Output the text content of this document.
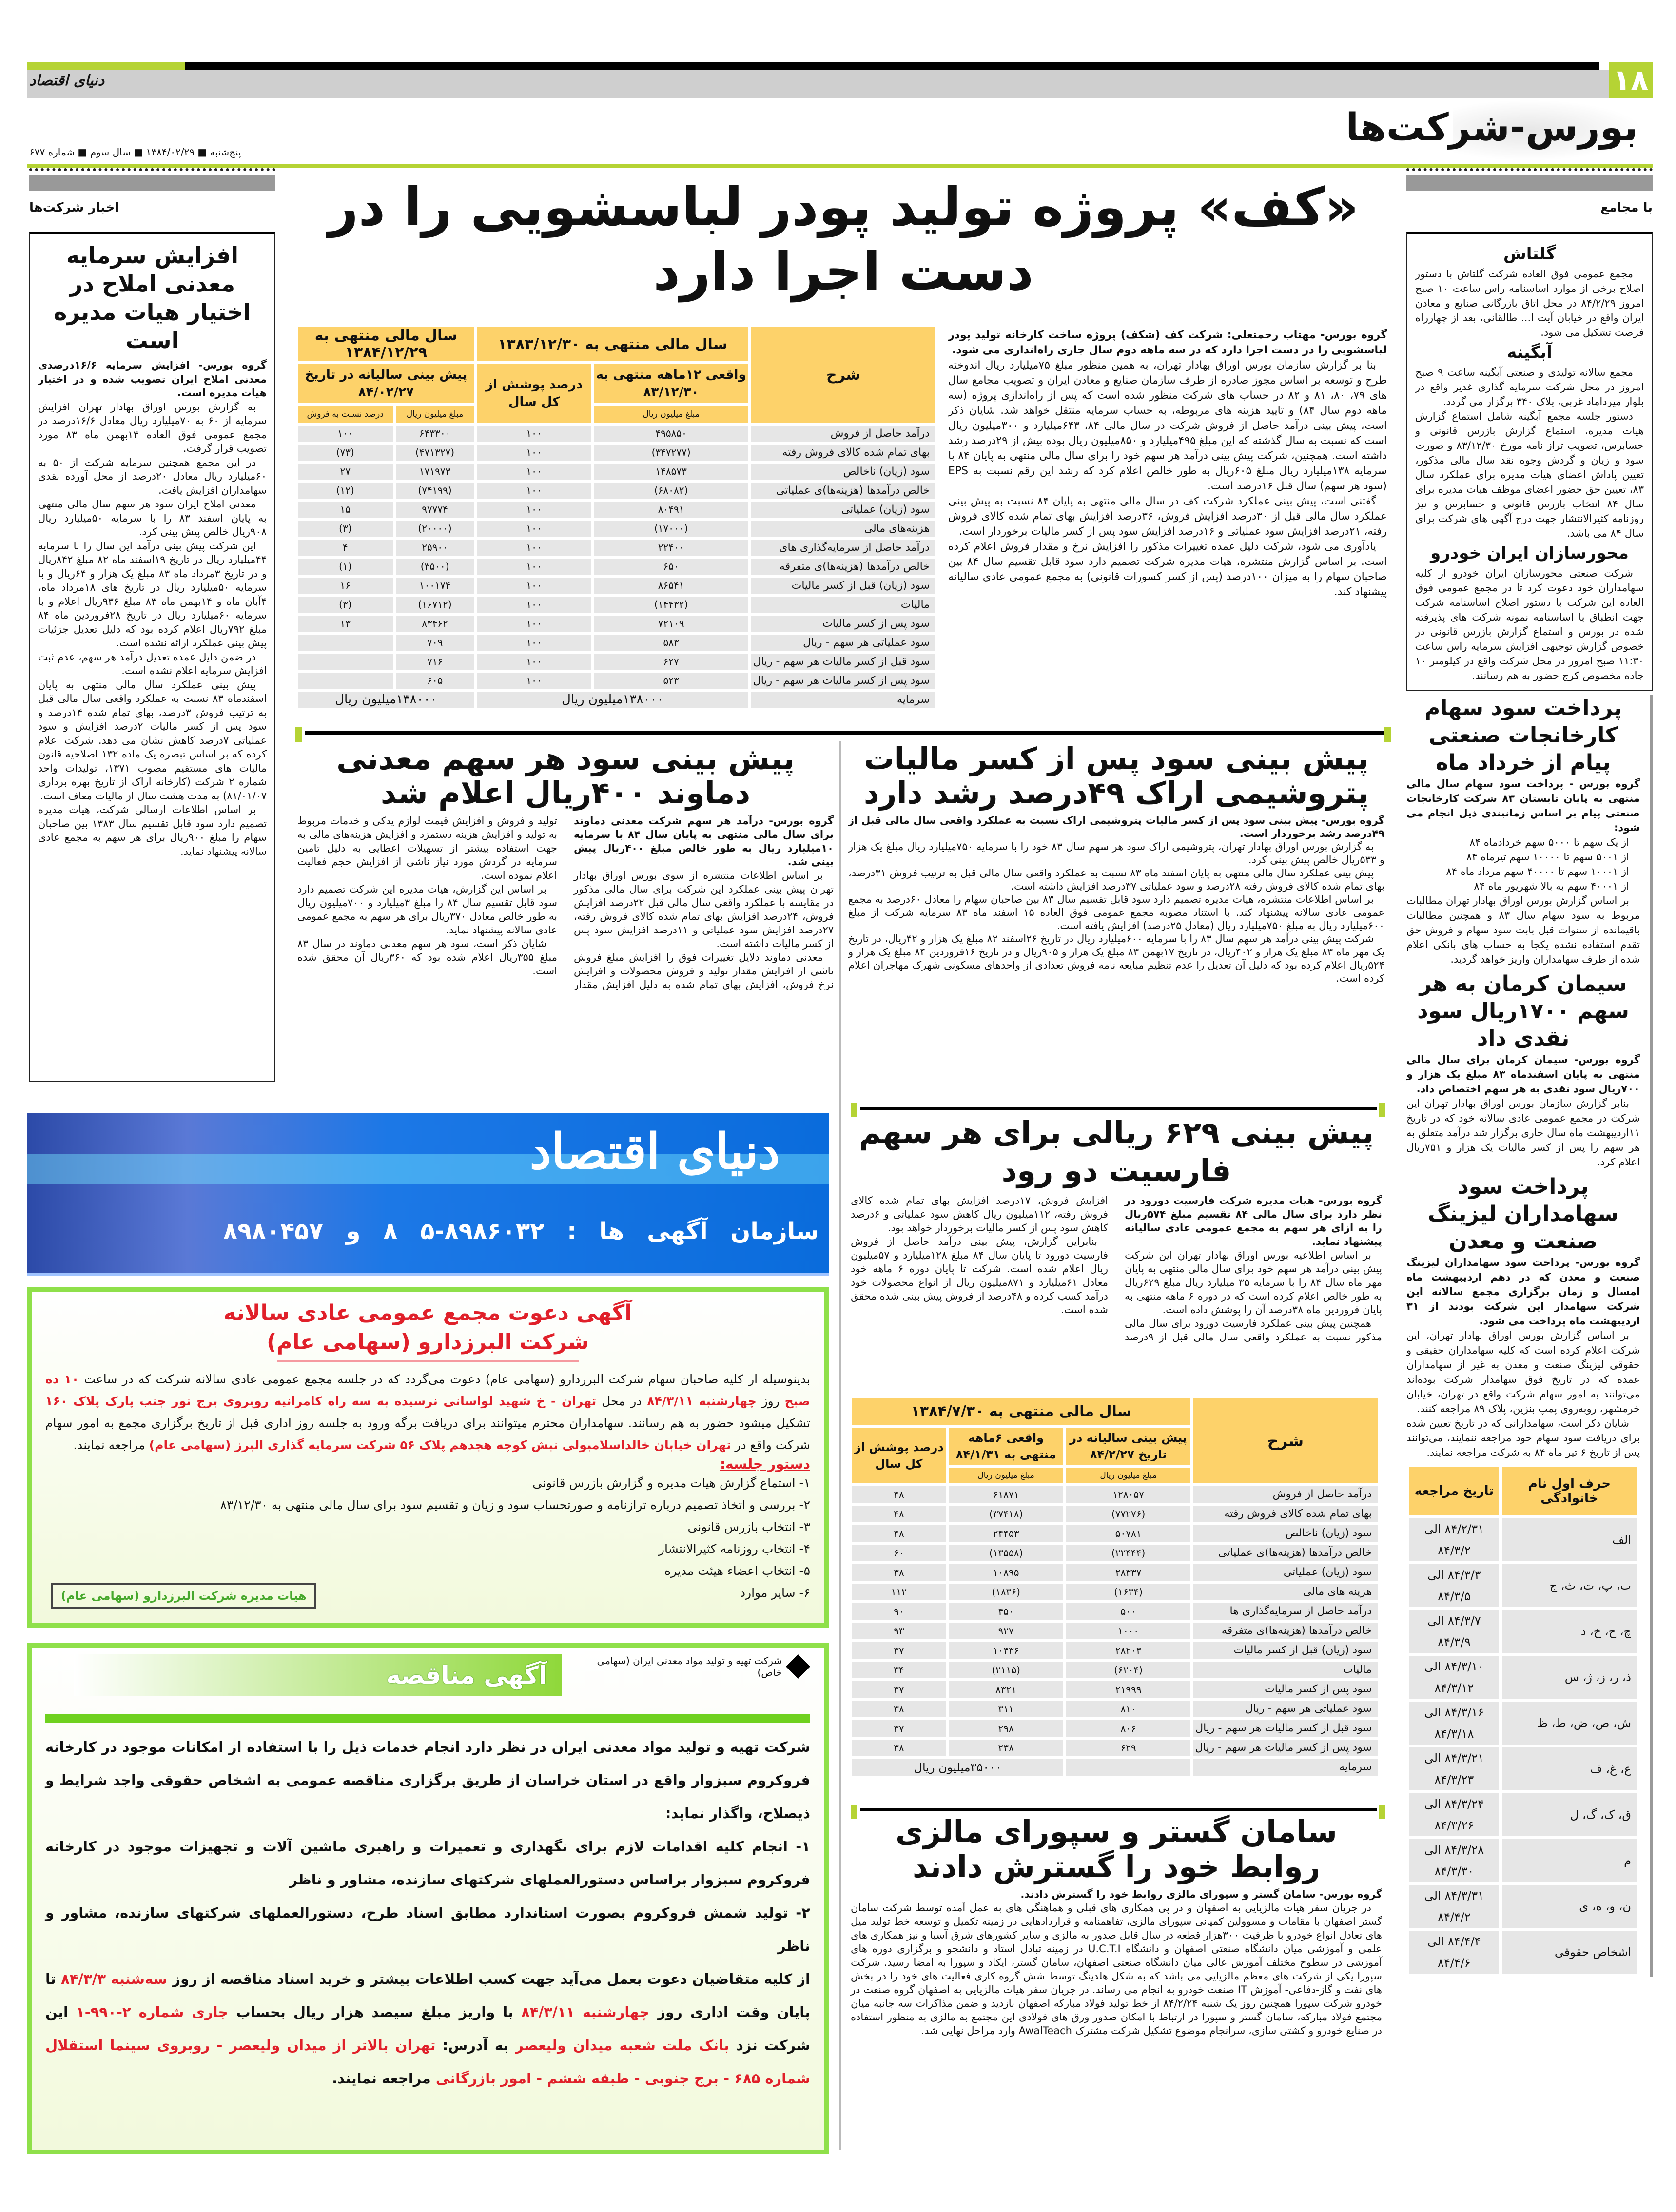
۱۸
دنیای اقتصاد
بورس-شرکت‌ها
پنج‌شنبه ■ ۱۳۸۴/۰۲/۲۹ ■ سال سوم ■ شماره ۶۷۷
اخبار شرکت‌ها
افزایش سرمایه معدنی املاح در اختیار هیات مدیره است

گروه بورس- افزایش سرمایه ۱۶/۶درصدی معدنی املاح ایران تصویب شده و در اختیار هیات مدیره است.

به گزارش بورس اوراق بهادار تهران افزایش سرمایه از ۶۰ به ۷۰میلیارد ریال معادل ۱۶/۶درصد در مجمع عمومی فوق العاده ۱۴بهمن ماه ۸۳ مورد تصویب قرار گرفت.

در این مجمع همچنین سرمایه شرکت از ۵۰ به ۶۰میلیارد ریال معادل ۲۰درصد از محل آورده نقدی سهامداران افزایش یافت.

معدنی املاح ایران سود هر سهم سال مالی منتهی به پایان اسفند ۸۳ را با سرمایه ۵۰میلیارد ریال ۹۰۸ریال خالص پیش بینی کرد.

این شرکت پیش بینی درآمد این سال را با سرمایه ۴۴میلیارد ریال در تاریخ ۱۹اسفند ماه ۸۲ مبلغ ۸۴۲ریال و در تاریخ ۳مرداد ماه ۸۳ مبلغ یک هزار و ۶۴ریال و با سرمایه ۵۰میلیارد ریال در تاریخ های ۱۸مرداد ماه، ۴آبان ماه و ۱۴بهمن ماه ۸۳ مبلغ ۹۳۶ریال اعلام و با سرمایه ۶۰میلیارد ریال در تاریخ ۲۸فروردین ماه ۸۴ مبلغ ۷۹۲ریال اعلام کرده بود که دلیل تعدیل جزئیات پیش بینی عملکرد ارائه نشده است.

در ضمن دلیل عمده تعدیل درآمد هر سهم، عدم ثبت افزایش سرمایه اعلام نشده است.

پیش بینی عملکرد سال مالی منتهی به پایان اسفندماه ۸۳ نسبت به عملکرد واقعی سال مالی قبل به ترتیب فروش ۳درصد، بهای تمام شده ۱۴درصد و سود پس از کسر مالیات ۲درصد افزایش و سود عملیاتی ۷درصد کاهش نشان می دهد. شرکت اعلام کرده که بر اساس تبصره یک ماده ۱۳۲ اصلاحیه قانون مالیات های مستقیم مصوب ۱۳۷۱، تولیدات واحد شماره ۲ شرکت (کارخانه اراک از تاریخ بهره برداری ۸۱/۰۱/۰۷) به مدت هشت سال از مالیات معاف است.

بر اساس اطلاعات ارسالی شرکت، هیات مدیره تصمیم دارد سود قابل تقسیم سال ۱۳۸۳ بین صاحبان سهام را مبلغ ۹۰۰ریال برای هر سهم به مجمع عادی سالانه پیشنهاد نماید.

با مجامع
گلتاش

مجمع عمومی فوق العاده شرکت گلتاش با دستور اصلاح برخی از موارد اساسنامه راس ساعت ۱۰ صبح امروز ۸۴/۲/۲۹ در محل اتاق بازرگانی صنایع و معادن ایران واقع در خیابان آیت ا... طالقانی، بعد از چهارراه فرصت تشکیل می شود.

آبگینه

مجمع سالانه تولیدی و صنعتی آبگینه ساعت ۹ صبح امروز در محل شرکت سرمایه گذاری غدیر واقع در بلوار میرداماد غربی، پلاک ۳۴۰ برگزار می گردد.

دستور جلسه مجمع آبگینه شامل استماع گزارش هیات مدیره، استماع گزارش بازرس قانونی و حسابرس، تصویب تراز نامه مورخ ۸۳/۱۲/۳۰ و صورت سود و زیان و گردش وجوه نقد سال مالی مذکور، تعیین پاداش اعضای هیات مدیره برای عملکرد سال ۸۳، تعیین حق حضور اعضای موظف هیات مدیره برای سال ۸۴ انتخاب بازرس قانونی و حسابرس و نیز روزنامه کثیرالانتشار جهت درج آگهی های شرکت برای سال ۸۴ می باشد.

محورسازان ایران خودرو

شرکت صنعتی محورسازان ایران خودرو از کلیه سهامداران خود دعوت کرد تا در مجمع عمومی فوق العاده این شرکت با دستور اصلاح اساسنامه شرکت جهت انطباق با اساسنامه نمونه شرکت های پذیرفته شده در بورس و استماع گزارش بازرس قانونی در خصوص گزارش توجیهی افزایش سرمایه راس ساعت ۱۱:۳۰ صبح امروز در محل شرکت واقع در کیلومتر ۱۰ جاده مخصوص کرج حضور به هم رسانند.

پرداخت سود سهام کارخانجات صنعتی پیام از خرداد ماه

گروه بورس - پرداخت سود سهام سال مالی منتهی به پایان تابستان ۸۳ شرکت کارخانجات صنعتی پیام بر اساس زمانبندی ذیل انجام می شود:

از یک سهم تا ۵۰۰۰ سهم خردادماه ۸۴

از ۵۰۰۱ سهم تا ۱۰۰۰۰ سهم تیرماه ۸۴

از ۱۰۰۰۱ سهم تا ۴۰۰۰۰ سهم مرداد ماه ۸۴

از ۴۰۰۰۱ سهم به بالا شهریور ماه ۸۴

بر اساس گزارش بورس اوراق بهادار تهران مطالبات مربوط به سود سهام سال ۸۳ و همچنین مطالبات باقیمانده از سنوات قبل بابت سود سهام و فروش حق تقدم استفاده نشده یکجا به حساب های بانکی اعلام شده از طرف سهامداران واریز خواهد گردید.

سیمان کرمان به هر سهم ۱۷۰۰ریال سود نقدی داد

گروه بورس- سیمان کرمان برای سال مالی منتهی به پایان اسفندماه ۸۳ مبلغ یک هزار و ۷۰۰ریال سود نقدی به هر سهم اختصاص داد.

بنابر گزارش سازمان بورس اوراق بهادار تهران این شرکت در مجمع عمومی عادی سالانه خود که در تاریخ ۱۱اردیبهشت ماه سال جاری برگزار شد درآمد متعلق به هر سهم را پس از کسر مالیات یک هزار و ۷۵۱ریال اعلام کرد.

پرداخت سود سهامداران لیزینگ صنعت و معدن

گروه بورس- پرداخت سود سهامداران لیزینگ صنعت و معدن که در دهم اردیبهشت ماه امسال و زمان برگزاری مجمع سالانه این شرکت سهامدار این شرکت بودند از ۳۱ اردیبهشت ماه پرداخت می شود.

بر اساس گزارش بورس اوراق بهادار تهران، این شرکت اعلام کرده است که کلیه سهامداران حقیقی و حقوقی لیزینگ صنعت و معدن به غیر از سهامداران عمده که در تاریخ فوق سهامدار شرکت بوده‌اند می‌توانند به امور سهام شرکت واقع در تهران، خیابان خرمشهر، روبه‌روی پمپ بنزین، پلاک ۸۹ مراجعه کنند.

شایان ذکر است، سهامدارانی که در تاریخ تعیین شده برای دریافت سود سهام خود مراجعه ننمایند، می‌توانند پس از تاریخ ۶ تیر ماه ۸۴ به شرکت مراجعه نمایند.

حرف اول نام خانوادگی	تاریخ مراجعه
الف	۸۴/۲/۳۱ الی ۸۴/۳/۲
ب، پ، ت، ث، ج	۸۴/۳/۳ الی ۸۴/۳/۵
چ، ح، خ، د	۸۴/۳/۷ الی ۸۴/۳/۹
ذ، ر، ز، ژ، س	۸۴/۳/۱۰ الی ۸۴/۳/۱۲
ش، ص، ض، ط، ظ	۸۴/۳/۱۶ الی ۸۴/۳/۱۸
ع، غ، ف	۸۴/۳/۲۱ الی ۸۴/۳/۲۳
ق، ک، گ، ل	۸۴/۳/۲۴ الی ۸۴/۳/۲۶
م	۸۴/۳/۲۸ الی ۸۴/۳/۳۰
ن، و، ه، ی	۸۴/۳/۳۱ الی ۸۴/۴/۲
اشخاص حقوقی	۸۴/۴/۴ الی ۸۴/۴/۶
«کف» پروژه تولید پودر لباسشویی را در دست اجرا دارد
شرح	سال مالی منتهی به ۱۳۸۳/۱۲/۳۰		سال مالی منتهی به ۱۳۸۴/۱۲/۲۹	
	واقعی ۱۲ماهه منتهی به ۸۳/۱۲/۳۰	درصد پوشش از کل سال	پیش بینی سالیانه در تاریخ ۸۴/۰۲/۲۷	
	مبلغ میلیون ریال		مبلغ میلیون ریال	درصد نسبت به فروش
درآمد حاصل از فروش	۴۹۵۸۵۰	۱۰۰	۶۴۳۳۰۰	۱۰۰
بهای تمام شده کالای فروش رفته	(۳۴۷۲۷۷)	۱۰۰	(۴۷۱۳۲۷)	(۷۳)
سود (زیان) ناخالص	۱۴۸۵۷۳	۱۰۰	۱۷۱۹۷۳	۲۷
خالص درآمدها (هزینه‌ها)ی عملیاتی	(۶۸۰۸۲)	۱۰۰	(۷۴۱۹۹)	(۱۲)
سود (زیان) عملیاتی	۸۰۴۹۱	۱۰۰	۹۷۷۷۴	۱۵
هزینه‌های مالی	(۱۷۰۰۰)	۱۰۰	(۲۰۰۰۰)	(۳)
درآمد حاصل از سرمایه‌گذاری های	۲۲۴۰۰	۱۰۰	۲۵۹۰۰	۴
خالص درآمدها (هزینه‌ها)ی متفرقه	۶۵۰	۱۰۰	(۳۵۰۰)	(۱)
سود (زیان) قبل از کسر مالیات	۸۶۵۴۱	۱۰۰	۱۰۰۱۷۴	۱۶
مالیات	(۱۴۴۳۲)	۱۰۰	(۱۶۷۱۲)	(۳)
سود پس از کسر مالیات	۷۲۱۰۹	۱۰۰	۸۳۴۶۲	۱۳
سود عملیاتی هر سهم - ریال	۵۸۳	۱۰۰	۷۰۹	
سود قبل از کسر مالیات هر سهم - ریال	۶۲۷	۱۰۰	۷۱۶	
سود پس از کسر مالیات هر سهم - ریال	۵۲۳	۱۰۰	۶۰۵	
سرمایه	۱۳۸۰۰۰میلیون ریال		۱۳۸۰۰۰میلیون ریال	

گروه بورس- مهتاب رحمتعلی: شرکت کف (شکف) پروژه ساخت کارخانه تولید پودر لباسشویی را در دست اجرا دارد که در سه ماهه دوم سال جاری راه‌اندازی می شود.

بنا بر گزارش سازمان بورس اوراق بهادار تهران، به همین منظور مبلغ ۷۵میلیارد ریال اندوخته طرح و توسعه بر اساس مجوز صادره از طرف سازمان صنایع و معادن ایران و تصویب مجامع سال های ۷۹، ۸۰، ۸۱ و ۸۲ در حساب های شرکت منظور شده است که پس از راه‌اندازی پروژه (سه ماهه دوم سال ۸۴) و تایید هزینه های مربوطه، به حساب سرمایه منتقل خواهد شد. شایان ذکر است، پیش بینی درآمد حاصل از فروش شرکت در سال مالی ۸۴، ۶۴۳میلیارد و ۳۰۰میلیون ریال است که نسبت به سال گذشته که این مبلغ ۴۹۵میلیارد و ۸۵۰میلیون ریال بوده بیش از ۲۹درصد رشد داشته است. همچنین، شرکت پیش بینی درآمد هر سهم خود را برای سال مالی منتهی به پایان ۸۴ با سرمایه ۱۳۸میلیارد ریال مبلغ ۶۰۵ریال به طور خالص اعلام کرد که رشد این رقم نسبت به EPS (سود هر سهم) سال قبل ۱۶درصد است.

گفتنی است، پیش بینی عملکرد شرکت کف در سال مالی منتهی به پایان ۸۴ نسبت به پیش بینی عملکرد سال مالی قبل از ۳۰درصد افزایش فروش، ۳۶درصد افزایش بهای تمام شده کالای فروش رفته، ۲۱درصد افزایش سود عملیاتی و ۱۶درصد افزایش سود پس از کسر مالیات برخوردار است.

یادآوری می شود، شرکت دلیل عمده تغییرات مذکور را افزایش نرخ و مقدار فروش اعلام کرده است. بر اساس گزارش منتشره، هیات مدیره شرکت تصمیم دارد سود قابل تقسیم سال ۸۴ بین صاحبان سهام را به میزان ۱۰۰درصد (پس از کسر کسورات قانونی) به مجمع عمومی عادی سالیانه پیشنهاد کند.

پیش بینی سود پس از کسر مالیات پتروشیمی اراک ۴۹درصد رشد دارد

گروه بورس- پیش بینی سود پس از کسر مالیات پتروشیمی اراک نسبت به عملکرد واقعی سال مالی قبل از ۴۹درصد رشد برخوردار است.

به گزارش بورس اوراق بهادار تهران، پتروشیمی اراک سود هر سهم سال ۸۳ خود را با سرمایه ۷۵۰میلیارد ریال مبلغ یک هزار و ۵۳۳ریال خالص پیش بینی کرد.

پیش بینی عملکرد سال مالی منتهی به پایان اسفند ماه ۸۳ نسبت به عملکرد واقعی سال مالی قبل به ترتیب فروش ۳۱درصد، بهای تمام شده کالای فروش رفته ۲۸درصد و سود عملیاتی ۳۷درصد افزایش داشته است.

بر اساس اطلاعات منتشره، هیات مدیره تصمیم دارد سود قابل تقسیم سال ۸۳ بین صاحبان سهام را معادل ۶۰درصد به مجمع عمومی عادی سالانه پیشنهاد کند. با استناد مصوبه مجمع عمومی فوق العاده ۱۵ اسفند ماه ۸۳ سرمایه شرکت از مبلغ ۶۰۰میلیارد ریال به مبلغ ۷۵۰میلیارد ریال (معادل ۲۵درصد) افزایش یافته است.

شرکت پیش بینی درآمد هر سهم سال ۸۳ را با سرمایه ۶۰۰میلیارد ریال در تاریخ ۲۶اسفند ۸۲ مبلغ یک هزار و ۴۲ریال، در تاریخ یک مهر ماه ۸۳ مبلغ یک هزار و ۴۰۲ریال، در تاریخ ۱۷بهمن ۸۳ مبلغ یک هزار و ۹۰۵ریال و در تاریخ ۱۶فروردین ۸۴ مبلغ یک هزار و ۵۲۴ریال اعلام کرده بود که دلیل آن تعدیل را عدم تنظیم مبایعه نامه فروش تعدادی از واحدهای مسکونی شهرک مهاجران اعلام کرده است.

پیش بینی سود هر سهم معدنی دماوند ۴۰۰ریال اعلام شد

گروه بورس- درآمد هر سهم شرکت معدنی دماوند برای سال مالی منتهی به پایان سال ۸۴ با سرمایه ۱۰میلیارد ریال به طور خالص مبلغ ۴۰۰ریال پیش بینی شد.

بر اساس اطلاعات منتشره از سوی بورس اوراق بهادار تهران پیش بینی عملکرد این شرکت برای سال مالی مذکور در مقایسه با عملکرد واقعی سال مالی قبل ۲۲درصد افزایش فروش، ۲۴درصد افزایش بهای تمام شده کالای فروش رفته، ۲۷درصد افزایش سود عملیاتی و ۱۱درصد افزایش سود پس از کسر مالیات داشته است.

معدنی دماوند دلایل تغییرات فوق را افزایش مبلغ فروش ناشی از افزایش مقدار تولید و فروش محصولات و افزایش نرخ فروش، افزایش بهای تمام شده به دلیل افزایش مقدار تولید و فروش و افزایش قیمت لوازم یدکی و خدمات مربوط به تولید و افزایش هزینه دستمزد و افزایش هزینه‌های مالی به جهت استفاده بیشتر از تسهیلات اعطایی به دلیل تامین سرمایه در گردش مورد نیاز ناشی از افزایش حجم فعالیت اعلام نموده است.

بر اساس این گزارش، هیات مدیره این شرکت تصمیم دارد سود قابل تقسیم سال ۸۴ را مبلغ ۳میلیارد و ۷۰۰میلیون ریال به طور خالص معادل ۳۷۰ریال برای هر سهم به مجمع عمومی عادی سالانه پیشنهاد نماید.

شایان ذکر است، سود هر سهم معدنی دماوند در سال ۸۳ مبلغ ۳۵۵ریال اعلام شده بود که ۳۶۰ریال آن محقق شده است.

دنیای اقتصاد
سازمان آگهی ها : ۸۹۸۶۰۳۲-۵ ۸ و ۸۹۸۰۴۵۷
آگهی دعوت مجمع عمومی عادی سالانه
شرکت البرزدارو (سهامی عام)

بدینوسیله از کلیه صاحبان سهام شرکت البرزدارو (سهامی عام) دعوت می‌گردد که در جلسه مجمع عمومی عادی سالانه شرکت که در ساعت ۱۰ ده صبح روز چهارشنبه ۸۴/۳/۱۱ در محل تهران - خ شهید لواسانی نرسیده به سه راه کامرانیه روبروی برج نور جنب پارک پلاک ۱۶۰ تشکیل میشود حضور به هم رسانند. سهامداران محترم میتوانند برای دریافت برگه ورود به جلسه روز اداری قبل از تاریخ برگزاری مجمع به امور سهام شرکت واقع در تهران خیابان خالداسلامبولی نبش کوچه هجدهم پلاک ۵۶ شرکت سرمایه گذاری البرز (سهامی عام) مراجعه نمایند.

دستور جلسه:

۱- استماع گزارش هیات مدیره و گزارش بازرس قانونی

۲- بررسی و اتخاذ تصمیم درباره ترازنامه و صورتحساب سود و زیان و تقسیم سود برای سال مالی منتهی به ۸۳/۱۲/۳۰

۳- انتخاب بازرس قانونی

۴- انتخاب روزنامه کثیرالانتشار

۵- انتخاب اعضاء هیئت مدیره

۶- سایر موارد

هیات مدیره شرکت البرزدارو (سهامی عام)
شرکت تهیه و تولید مواد معدنی ایران (سهامی خاص)
آگهی مناقصه

شرکت تهیه و تولید مواد معدنی ایران در نظر دارد انجام خدمات ذیل را با استفاده از امکانات موجود در کارخانه فروکروم سبزوار واقع در استان خراسان از طریق برگزاری مناقصه عمومی به اشخاص حقوقی واجد شرایط و ذیصلاح، واگذار نماید:

۱- انجام کلیه اقدامات لازم برای نگهداری و تعمیرات و راهبری ماشین آلات و تجهیزات موجود در کارخانه فروکروم سبزوار براساس دستورالعملهای شرکتهای سازنده، مشاور و ناظر

۲- تولید شمش فروکروم بصورت استاندارد مطابق اسناد طرح، دستورالعملهای شرکتهای سازنده، مشاور و ناظر

از کلیه متقاضیان دعوت بعمل می‌آید جهت کسب اطلاعات بیشتر و خرید اسناد مناقصه از روز سه‌شنبه ۸۴/۳/۳ تا پایان وقت اداری روز چهارشنبه ۸۴/۳/۱۱ با واریز مبلغ سیصد هزار ریال بحساب جاری شماره ۲-۹۹۰-۱ این شرکت نزد بانک ملت شعبه میدان ولیعصر به آدرس: تهران بالاتر از میدان ولیعصر - روبروی سینما استقلال شماره ۶۸۵ - برج جنوبی - طبقه ششم - امور بازرگانی مراجعه نمایند.

پیش بینی ۶۲۹ ریالی برای هر سهم فارسیت دو رود

گروه بورس- هیات مدیره شرکت فارسیت دورود در نظر دارد برای سال مالی ۸۴ تقسیم مبلغ ۵۷۴ریال را به ازای هر سهم به مجمع عمومی عادی سالیانه پیشنهاد نماید.

بر اساس اطلاعیه بورس اوراق بهادار تهران این شرکت پیش بینی درآمد هر سهم خود برای سال مالی منتهی به پایان مهر ماه سال ۸۴ را با سرمایه ۳۵ میلیارد ریال مبلغ ۶۲۹ریال به طور خالص اعلام کرده است که در دوره ۶ ماهه منتهی به پایان فروردین ماه ۳۸درصد آن را پوشش داده است.

همچنین پیش بینی عملکرد فارسیت دورود برای سال مالی مذکور نسبت به عملکرد واقعی سال مالی قبل از ۹درصد افزایش فروش، ۱۷درصد افزایش بهای تمام شده کالای فروش رفته، ۱۱۲میلیون ریال کاهش سود عملیاتی و ۶درصد کاهش سود پس از کسر مالیات برخوردار خواهد بود.

بنابراین گزارش، پیش بینی درآمد حاصل از فروش فارسیت دورود تا پایان سال ۸۴ مبلغ ۱۲۸میلیارد و ۵۷میلیون ریال اعلام شده است. شرکت تا پایان دوره ۶ ماهه خود معادل ۶۱میلیارد و ۸۷۱میلیون ریال از انواع محصولات خود درآمد کسب کرده و ۴۸درصد از فروش پیش بینی شده محقق شده است.

شرح	سال مالی منتهی به ۱۳۸۴/۷/۳۰		
	پیش بینی سالیانه در تاریخ ۸۴/۲/۲۷	واقعی ۶ماهه منتهی به ۸۴/۱/۳۱	درصد پوشش از کل سال
	مبلغ میلیون ریال	مبلغ میلیون ریال	
درآمد حاصل از فروش	۱۲۸۰۵۷	۶۱۸۷۱	۴۸
بهای تمام شده کالای فروش رفته	(۷۷۲۷۶)	(۳۷۴۱۸)	۴۸
سود (زیان) ناخالص	۵۰۷۸۱	۲۴۴۵۳	۴۸
خالص درآمدها (هزینه‌ها)ی عملیاتی	(۲۲۴۴۴)	(۱۳۵۵۸)	۶۰
سود (زیان) عملیاتی	۲۸۳۳۷	۱۰۸۹۵	۳۸
هزینه های مالی	(۱۶۳۴)	(۱۸۳۶)	۱۱۲
درآمد حاصل از سرمایه‌گذاری ها	۵۰۰	۴۵۰	۹۰
خالص درآمدها (هزینه‌ها)ی متفرقه	۱۰۰۰	۹۲۷	۹۳
سود (زیان) قبل از کسر مالیات	۲۸۲۰۳	۱۰۴۳۶	۳۷
مالیات	(۶۲۰۴)	(۲۱۱۵)	۳۴
سود پس از کسر مالیات	۲۱۹۹۹	۸۳۲۱	۳۷
سود عملیاتی هر سهم - ریال	۸۱۰	۳۱۱	۳۸
سود قبل از کسر مالیات هر سهم - ریال	۸۰۶	۲۹۸	۳۷
سود پس از کسر مالیات هر سهم - ریال	۶۲۹	۲۳۸	۳۸
سرمایه		۳۵۰۰۰میلیون ریال	
سامان گستر و سپورای مالزی روابط خود را گسترش دادند

گروه بورس- سامان گستر و سپورای مالزی روابط خود را گسترش دادند.

در جریان سفر هیات مالزیایی به اصفهان و در پی همکاری های قبلی و هماهنگی های به عمل آمده توسط شرکت سامان گستر اصفهان با مقامات و مسوولین کمپانی سپورای مالزی، تفاهمنامه و قراردادهایی در زمینه تکمیل و توسعه خط تولید میل های تعادل انواع خودرو با ظرفیت ۳۰۰هزار قطعه در سال قابل صدور به مالزی و سایر کشورهای شرق آسیا و نیز همکاری های علمی و آموزشی میان دانشگاه صنعتی اصفهان و دانشگاه U.C.T.I در زمینه تبادل استاد و دانشجو و برگزاری دوره های آموزشی در سطوح مختلف آموزش عالی میان دانشگاه صنعتی اصفهان، سامان گستر، ایکاد و سپورا به امضا رسید. شرکت سپورا یکی از شرکت های معظم مالزیایی می باشد که به شکل هلدینگ توسط شش گروه کاری فعالیت های خود را در بخش های نفت و گاز-دفاعی- آموزش IT صنعت خودرو به انجام می رساند. در جریان سفر هیات مالزیایی به اصفهان گروه صنعت در خودرو شرکت سپورا همچنین روز یک شنبه ۸۴/۲/۲۴ از خط تولید فولاد مبارکه اصفهان بازدید و ضمن مذاکرات سه جانبه میان مجتمع فولاد مبارکه، سامان گستر و سپورا در ارتباط با امکان صدور ورق های فولادی این مجتمع به مالزی به منظور استفاده در صنایع خودرو و کشتی سازی، سرانجام موضوع تشکیل شرکت مشترک AwalTeach وارد مراحل نهایی شد.
